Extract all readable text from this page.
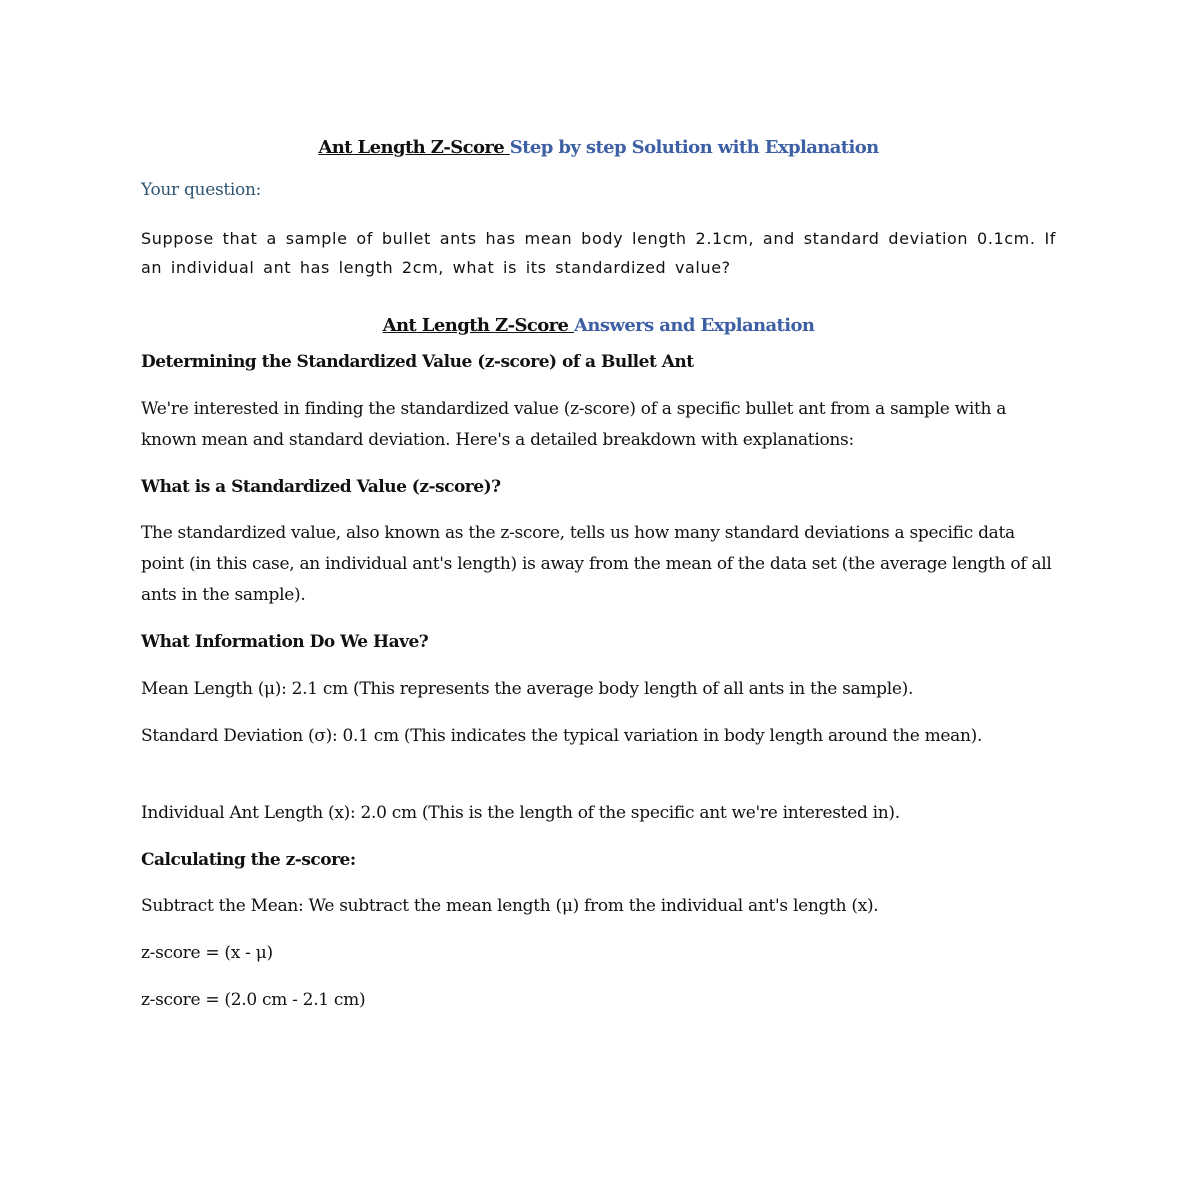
Ant Length Z-Score Step by step Solution with Explanation
Your question:
Suppose that a sample of bullet ants has mean body length 2.1cm, and standard deviation 0.1cm. If an individual ant has length 2cm, what is its standardized value?
Ant Length Z-Score Answers and Explanation
Determining the Standardized Value (z-score) of a Bullet Ant
We're interested in finding the standardized value (z-score) of a specific bullet ant from a sample with a known mean and standard deviation. Here's a detailed breakdown with explanations:
What is a Standardized Value (z-score)?
The standardized value, also known as the z-score, tells us how many standard deviations a specific data point (in this case, an individual ant's length) is away from the mean of the data set (the average length of all ants in the sample).
What Information Do We Have?
Mean Length (μ): 2.1 cm (This represents the average body length of all ants in the sample).
Standard Deviation (σ): 0.1 cm (This indicates the typical variation in body length around the mean).
Individual Ant Length (x): 2.0 cm (This is the length of the specific ant we're interested in).
Calculating the z-score:
Subtract the Mean: We subtract the mean length (μ) from the individual ant's length (x).
z-score = (x - μ)
z-score = (2.0 cm - 2.1 cm)
